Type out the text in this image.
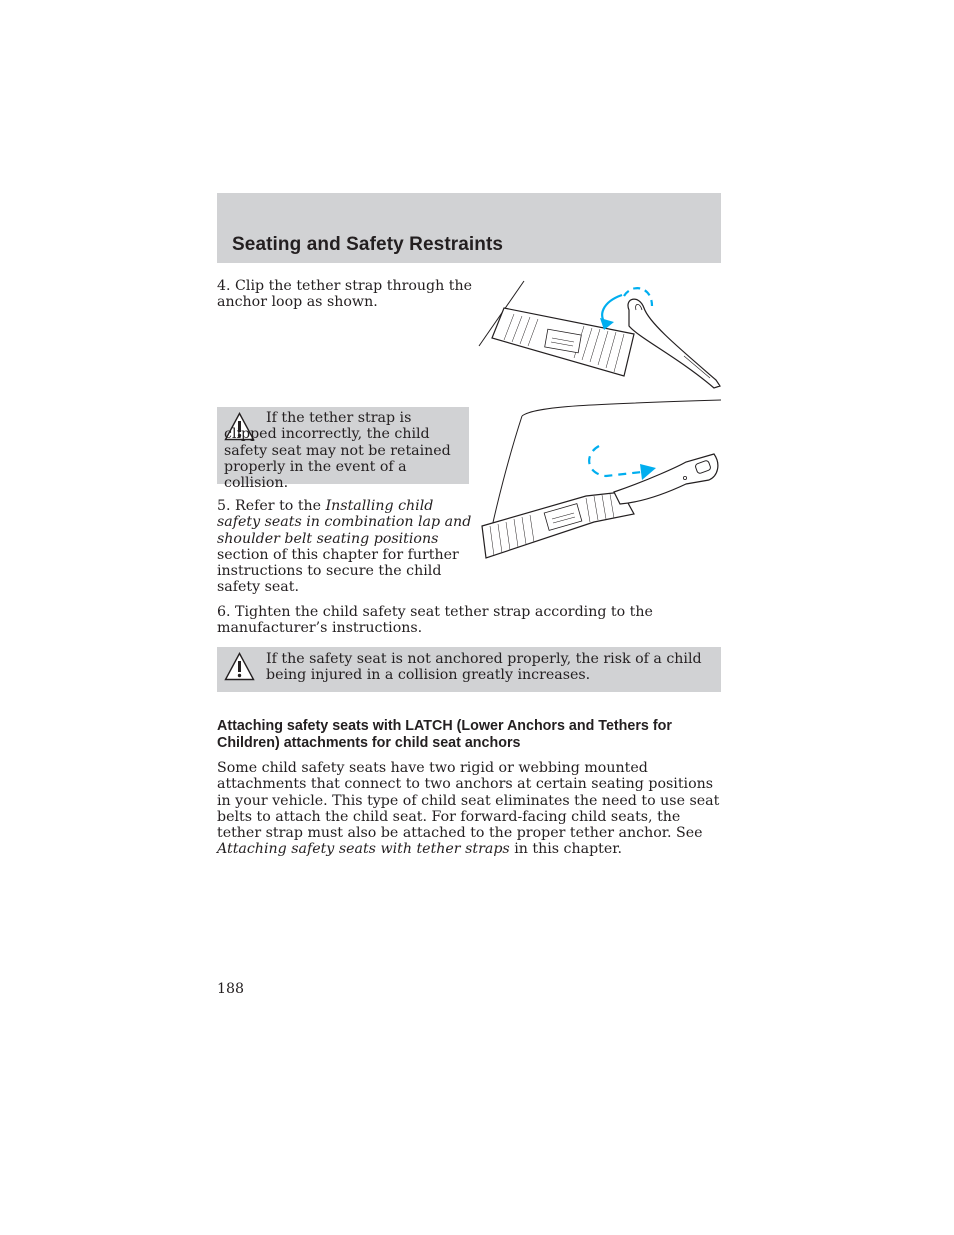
Seating and Safety Restraints

4. Clip the tether strap through the anchor loop as shown.

If the tether strap is clipped incorrectly, the child safety seat may not be retained properly in the event of a collision.

5. Refer to the Installing child safety seats in combination lap and shoulder belt seating positions section of this chapter for further instructions to secure the child safety seat.

6. Tighten the child safety seat tether strap according to the manufacturer’s instructions.

If the safety seat is not anchored properly, the risk of a child being injured in a collision greatly increases.

Attaching safety seats with LATCH (Lower Anchors and Tethers for Children) attachments for child seat anchors

Some child safety seats have two rigid or webbing mounted attachments that connect to two anchors at certain seating positions in your vehicle. This type of child seat eliminates the need to use seat belts to attach the child seat. For forward-facing child seats, the tether strap must also be attached to the proper tether anchor. See Attaching safety seats with tether straps in this chapter.

188
